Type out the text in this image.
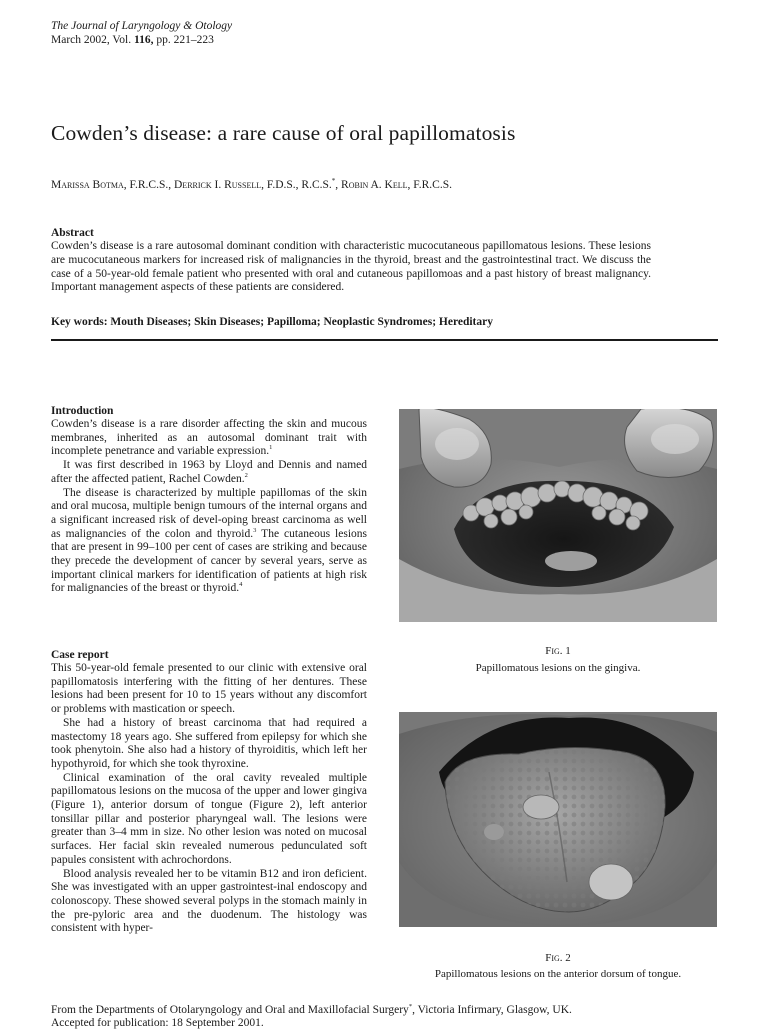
The Journal of Laryngology & Otology
March 2002, Vol. 116, pp. 221–223
Cowden’s disease: a rare cause of oral papillomatosis
Marissa Botma, F.R.C.S., Derrick I. Russell, F.D.S., R.C.S.*, Robin A. Kell, F.R.C.S.
Abstract
Cowden’s disease is a rare autosomal dominant condition with characteristic mucocutaneous papillomatous lesions. These lesions are mucocutaneous markers for increased risk of malignancies in the thyroid, breast and the gastrointestinal tract. We discuss the case of a 50-year-old female patient who presented with oral and cutaneous papillomoas and a past history of breast malignancy. Important management aspects of these patients are considered.
Key words: Mouth Diseases; Skin Diseases; Papilloma; Neoplastic Syndromes; Hereditary
Introduction

Cowden’s disease is a rare disorder affecting the skin and mucous membranes, inherited as an autosomal dominant trait with incomplete penetrance and variable expression.$^1$

It was first described in 1963 by Lloyd and Dennis and named after the affected patient, Rachel Cowden.$^2$

The disease is characterized by multiple papillomas of the skin and oral mucosa, multiple benign tumours of the internal organs and a significant increased risk of devel-oping breast carcinoma as well as malignancies of the colon and thyroid.$^3$ The cutaneous lesions that are present in 99–100 per cent of cases are striking and because they precede the development of cancer by several years, serve as important clinical markers for identification of patients at high risk for malignancies of the breast or thyroid.$^4$

Case report

This 50-year-old female presented to our clinic with extensive oral papillomatosis interfering with the fitting of her dentures. These lesions had been present for 10 to 15 years without any discomfort or problems with mastication or speech.

She had a history of breast carcinoma that had required a mastectomy 18 years ago. She suffered from epilepsy for which she took phenytoin. She also had a history of thyroiditis, which left her hypothyroid, for which she took thyroxine.

Clinical examination of the oral cavity revealed multiple papillomatous lesions on the mucosa of the upper and lower gingiva (Figure 1), anterior dorsum of tongue (Figure 2), left anterior tonsillar pillar and posterior pharyngeal wall. The lesions were greater than 3–4 mm in size. No other lesion was noted on mucosal surfaces. Her facial skin revealed numerous pedunculated soft papules consistent with achrochordons.

Blood analysis revealed her to be vitamin B12 and iron deficient. She was investigated with an upper gastrointest-inal endoscopy and colonoscopy. These showed several polyps in the stomach mainly in the pre-pyloric area and the duodenum. The histology was consistent with hyper-

Fig. 1
Papillomatous lesions on the gingiva.
Fig. 2
Papillomatous lesions on the anterior dorsum of tongue.
From the Departments of Otolaryngology and Oral and Maxillofacial Surgery*, Victoria Infirmary, Glasgow, UK.
Accepted for publication: 18 September 2001.
